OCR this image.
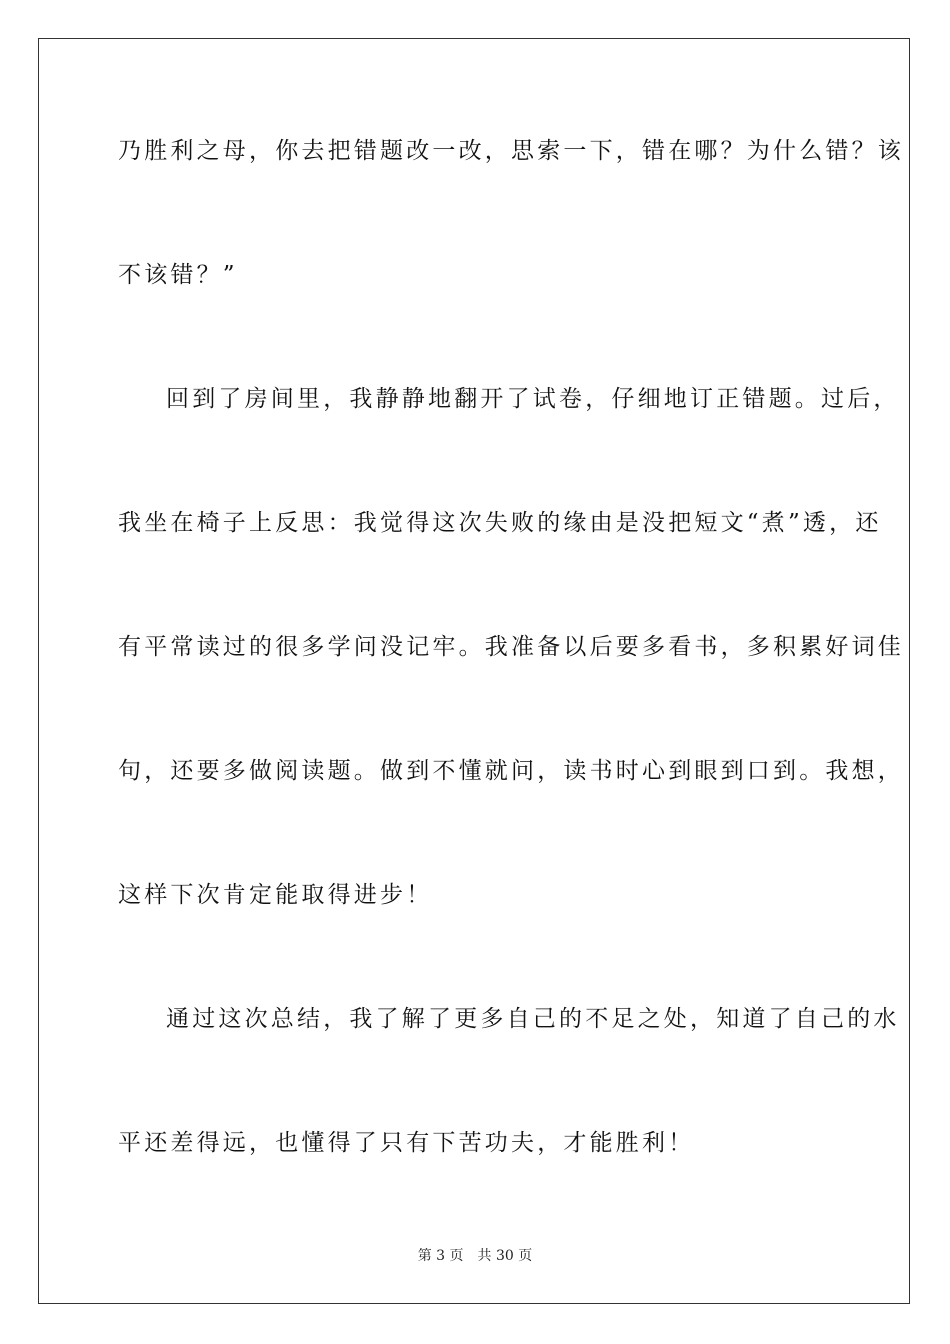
乃胜利之母，你去把错题改一改，思索一下，错在哪？为什么错？该
不该错？”
回到了房间里，我静静地翻开了试卷，仔细地订正错题。过后，
我坐在椅子上反思：我觉得这次失败的缘由是没把短文“煮”透，还
有平常读过的很多学问没记牢。我准备以后要多看书，多积累好词佳
句，还要多做阅读题。做到不懂就问，读书时心到眼到口到。我想，
这样下次肯定能取得进步！
通过这次总结，我了解了更多自己的不足之处，知道了自己的水
平还差得远，也懂得了只有下苦功夫，才能胜利！
第 3 页 共 30 页
